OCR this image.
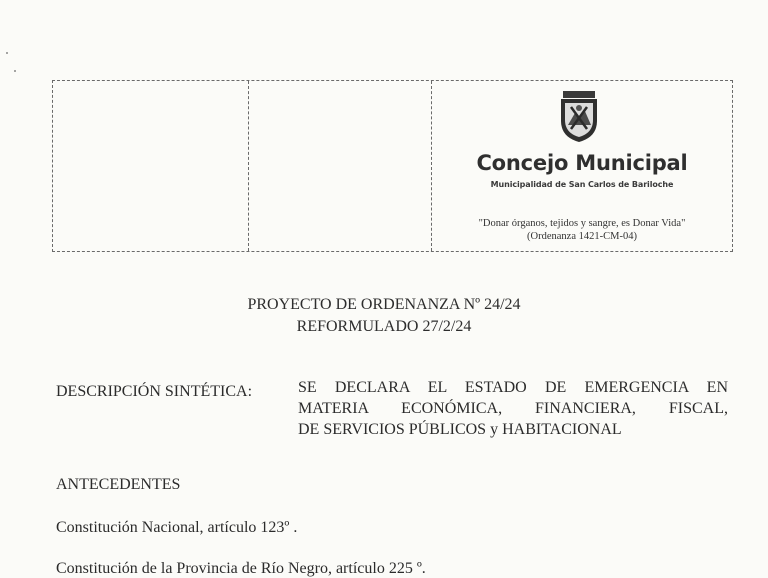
Concejo Municipal
Municipalidad de San Carlos de Bariloche
"Donar órganos, tejidos y sangre, es Donar Vida"
(Ordenanza 1421-CM-04)
PROYECTO DE ORDENANZA Nº 24/24
REFORMULADO 27/2/24
DESCRIPCIÓN SINTÉTICA:	SE DECLARA EL ESTADO DE EMERGENCIA EN
MATERIA ECONÓMICA, FINANCIERA, FISCAL,
DE SERVICIOS PÚBLICOS y HABITACIONAL
ANTECEDENTES
Constitución Nacional, artículo 123º .
Constitución de la Provincia de Río Negro, artículo 225 º.
